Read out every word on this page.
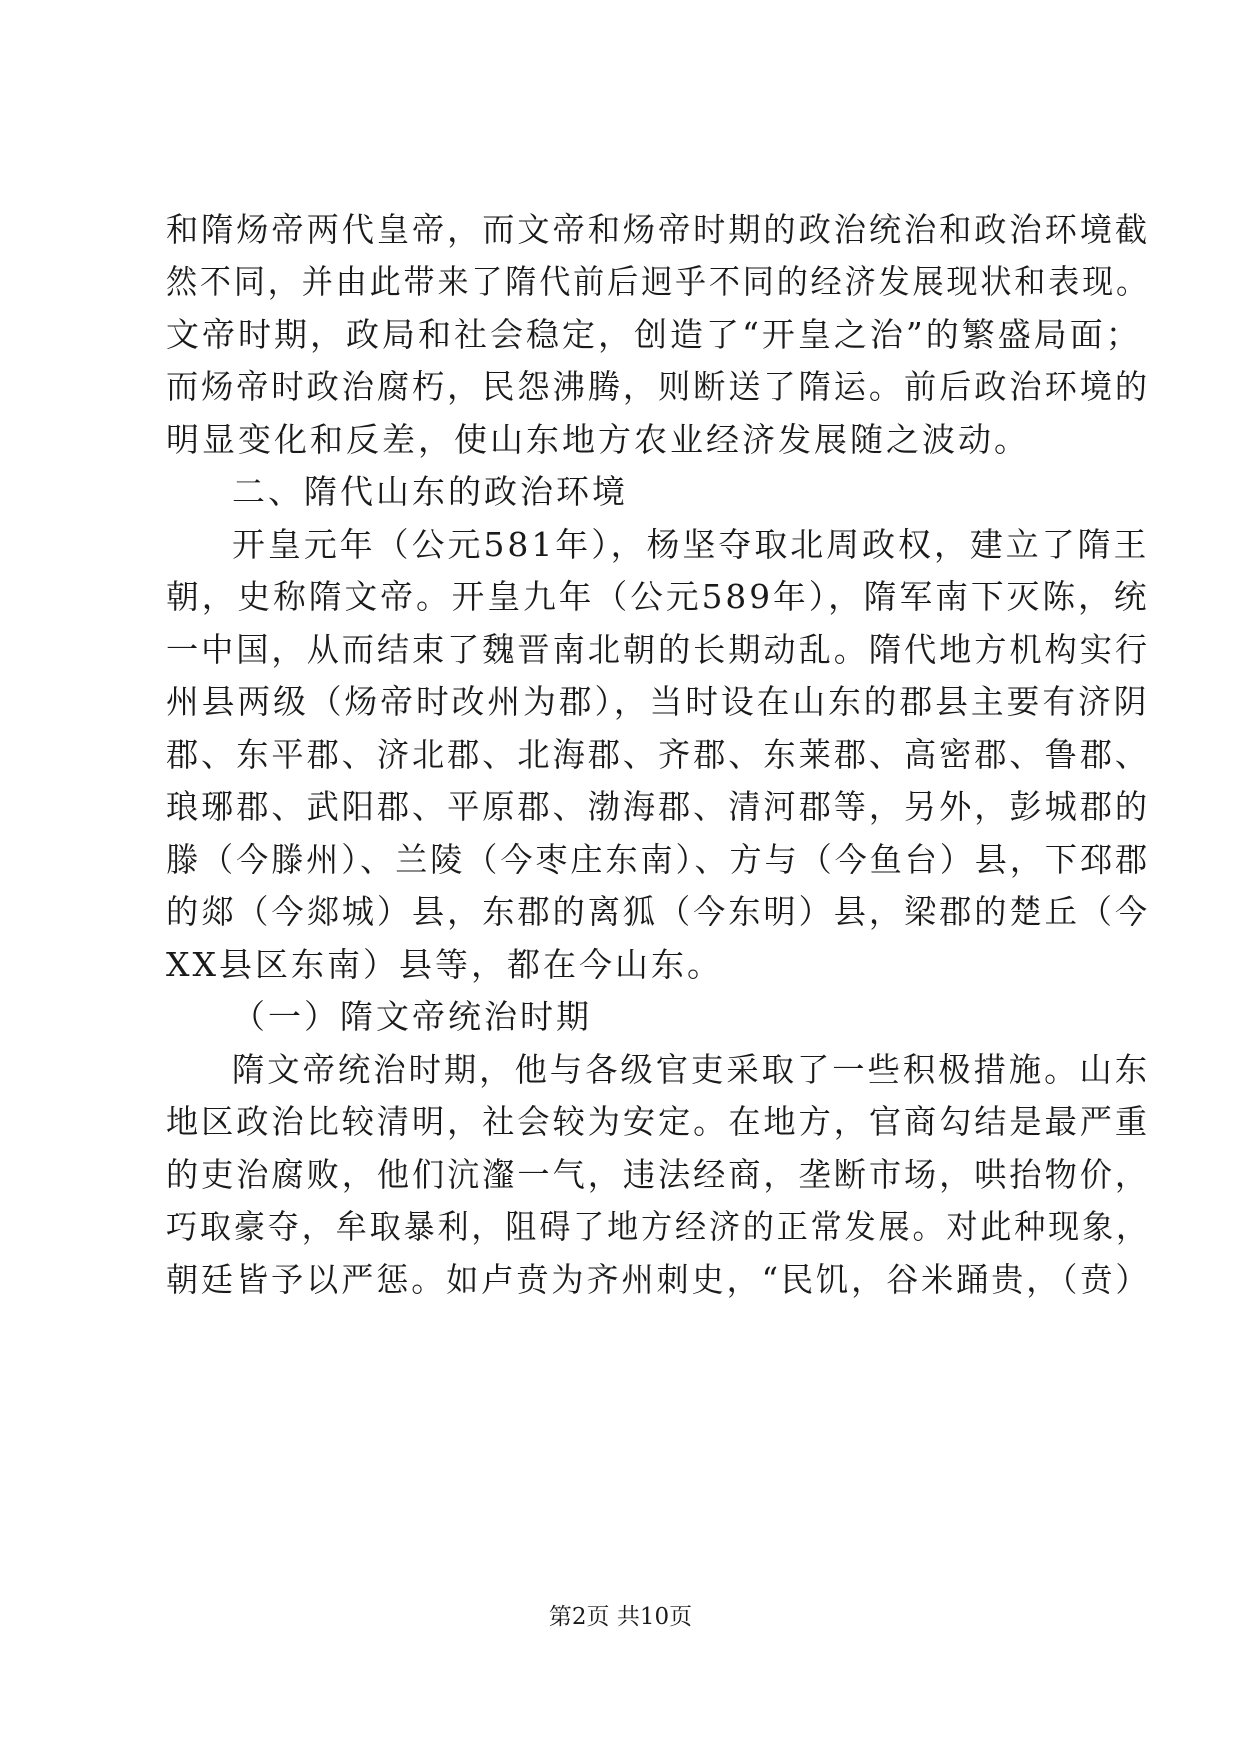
和隋炀帝两代皇帝，而文帝和炀帝时期的政治统治和政治环境截
然不同，并由此带来了隋代前后迥乎不同的经济发展现状和表现。
文帝时期，政局和社会稳定，创造了“开皇之治”的繁盛局面；
而炀帝时政治腐朽，民怨沸腾，则断送了隋运。前后政治环境的
明显变化和反差，使山东地方农业经济发展随之波动。
二、隋代山东的政治环境
开皇元年（公元581年），杨坚夺取北周政权，建立了隋王
朝，史称隋文帝。开皇九年（公元589年），隋军南下灭陈，统
一中国，从而结束了魏晋南北朝的长期动乱。隋代地方机构实行
州县两级（炀帝时改州为郡），当时设在山东的郡县主要有济阴
郡、东平郡、济北郡、北海郡、齐郡、东莱郡、高密郡、鲁郡、
琅琊郡、武阳郡、平原郡、渤海郡、清河郡等，另外，彭城郡的
滕（今滕州）、兰陵（今枣庄东南）、方与（今鱼台）县，下邳郡
的郯（今郯城）县，东郡的离狐（今东明）县，梁郡的楚丘（今
XX县区东南）县等，都在今山东。
（一）隋文帝统治时期
隋文帝统治时期，他与各级官吏采取了一些积极措施。山东
地区政治比较清明，社会较为安定。在地方，官商勾结是最严重
的吏治腐败，他们沆瀣一气，违法经商，垄断市场，哄抬物价，
巧取豪夺，牟取暴利，阻碍了地方经济的正常发展。对此种现象，
朝廷皆予以严惩。如卢贲为齐州刺史，“民饥，谷米踊贵，（贲）
第2页 共10页
